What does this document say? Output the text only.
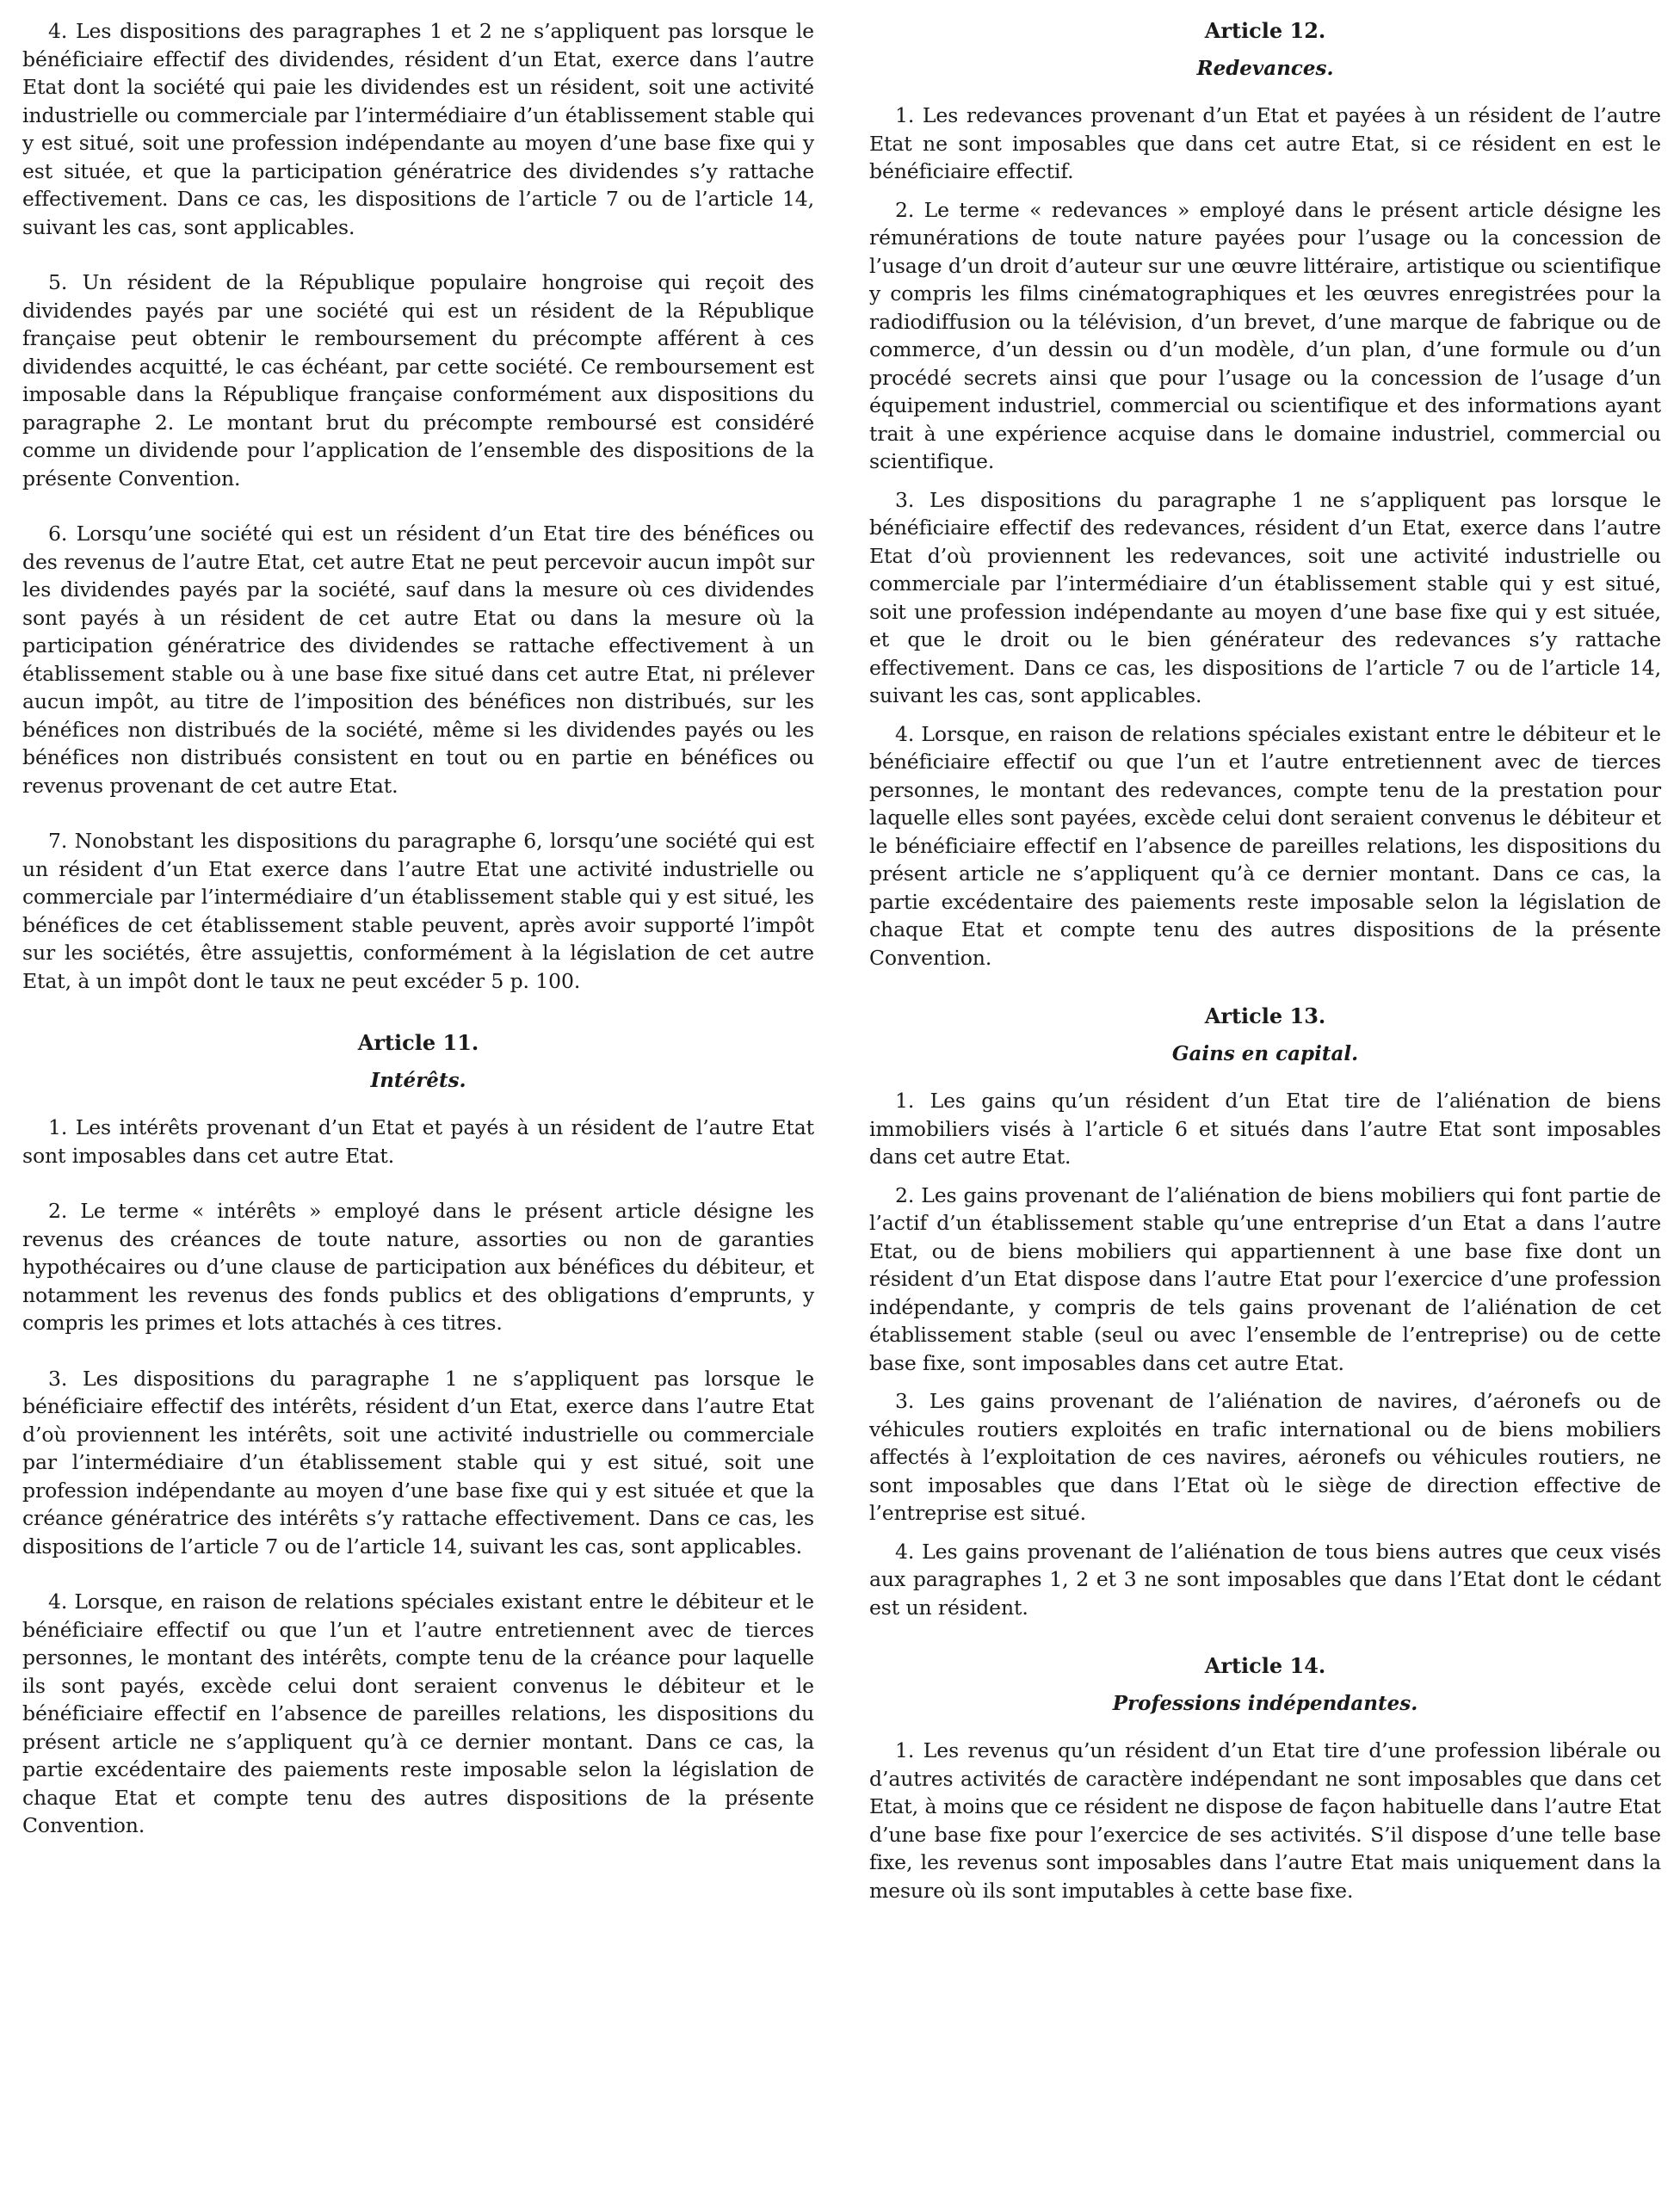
4. Les dispositions des paragraphes 1 et 2 ne s’appliquent pas lorsque le bénéficiaire effectif des dividendes, résident d’un Etat, exerce dans l’autre Etat dont la société qui paie les dividendes est un résident, soit une activité industrielle ou commerciale par l’intermédiaire d’un établissement stable qui y est situé, soit une profession indépendante au moyen d’une base fixe qui y est située, et que la participation génératrice des dividendes s’y rattache effectivement. Dans ce cas, les dispositions de l’article 7 ou de l’article 14, suivant les cas, sont applicables.

5. Un résident de la République populaire hongroise qui reçoit des dividendes payés par une société qui est un résident de la République française peut obtenir le remboursement du précompte afférent à ces dividendes acquitté, le cas échéant, par cette société. Ce remboursement est imposable dans la République française conformément aux dispositions du paragraphe 2. Le montant brut du précompte remboursé est considéré comme un dividende pour l’application de l’ensemble des dispositions de la présente Convention.

6. Lorsqu’une société qui est un résident d’un Etat tire des bénéfices ou des revenus de l’autre Etat, cet autre Etat ne peut percevoir aucun impôt sur les dividendes payés par la société, sauf dans la mesure où ces dividendes sont payés à un résident de cet autre Etat ou dans la mesure où la participation génératrice des dividendes se rattache effectivement à un établissement stable ou à une base fixe situé dans cet autre Etat, ni prélever aucun impôt, au titre de l’imposition des bénéfices non distribués, sur les bénéfices non distribués de la société, même si les dividendes payés ou les bénéfices non distribués consistent en tout ou en partie en bénéfices ou revenus provenant de cet autre Etat.

7. Nonobstant les dispositions du paragraphe 6, lorsqu’une société qui est un résident d’un Etat exerce dans l’autre Etat une activité industrielle ou commerciale par l’intermédiaire d’un établissement stable qui y est situé, les bénéfices de cet établissement stable peuvent, après avoir supporté l’impôt sur les sociétés, être assujettis, conformément à la législation de cet autre Etat, à un impôt dont le taux ne peut excéder 5 p. 100.

Article 11.
Intérêts.

1. Les intérêts provenant d’un Etat et payés à un résident de l’autre Etat sont imposables dans cet autre Etat.

2. Le terme « intérêts » employé dans le présent article désigne les revenus des créances de toute nature, assorties ou non de garanties hypothécaires ou d’une clause de participation aux bénéfices du débiteur, et notamment les revenus des fonds publics et des obligations d’emprunts, y compris les primes et lots attachés à ces titres.

3. Les dispositions du paragraphe 1 ne s’appliquent pas lorsque le bénéficiaire effectif des intérêts, résident d’un Etat, exerce dans l’autre Etat d’où proviennent les intérêts, soit une activité industrielle ou commerciale par l’intermédiaire d’un établissement stable qui y est situé, soit une profession indépendante au moyen d’une base fixe qui y est située et que la créance génératrice des intérêts s’y rattache effectivement. Dans ce cas, les dispositions de l’article 7 ou de l’article 14, suivant les cas, sont applicables.

4. Lorsque, en raison de relations spéciales existant entre le débiteur et le bénéficiaire effectif ou que l’un et l’autre entretiennent avec de tierces personnes, le montant des intérêts, compte tenu de la créance pour laquelle ils sont payés, excède celui dont seraient convenus le débiteur et le bénéficiaire effectif en l’absence de pareilles relations, les dispositions du présent article ne s’appliquent qu’à ce dernier montant. Dans ce cas, la partie excédentaire des paiements reste imposable selon la législation de chaque Etat et compte tenu des autres dispositions de la présente Convention.

Article 12.
Redevances.

1. Les redevances provenant d’un Etat et payées à un résident de l’autre Etat ne sont imposables que dans cet autre Etat, si ce résident en est le bénéficiaire effectif.

2. Le terme « redevances » employé dans le présent article désigne les rémunérations de toute nature payées pour l’usage ou la concession de l’usage d’un droit d’auteur sur une œuvre littéraire, artistique ou scientifique y compris les films cinématographiques et les œuvres enregistrées pour la radiodiffusion ou la télévision, d’un brevet, d’une marque de fabrique ou de commerce, d’un dessin ou d’un modèle, d’un plan, d’une formule ou d’un procédé secrets ainsi que pour l’usage ou la concession de l’usage d’un équipement industriel, commercial ou scientifique et des informations ayant trait à une expérience acquise dans le domaine industriel, commercial ou scientifique.

3. Les dispositions du paragraphe 1 ne s’appliquent pas lorsque le bénéficiaire effectif des redevances, résident d’un Etat, exerce dans l’autre Etat d’où proviennent les redevances, soit une activité industrielle ou commerciale par l’intermédiaire d’un établissement stable qui y est situé, soit une profession indépendante au moyen d’une base fixe qui y est située, et que le droit ou le bien générateur des redevances s’y rattache effectivement. Dans ce cas, les dispositions de l’article 7 ou de l’article 14, suivant les cas, sont applicables.

4. Lorsque, en raison de relations spéciales existant entre le débiteur et le bénéficiaire effectif ou que l’un et l’autre entretiennent avec de tierces personnes, le montant des redevances, compte tenu de la prestation pour laquelle elles sont payées, excède celui dont seraient convenus le débiteur et le bénéficiaire effectif en l’absence de pareilles relations, les dispositions du présent article ne s’appliquent qu’à ce dernier montant. Dans ce cas, la partie excédentaire des paiements reste imposable selon la législation de chaque Etat et compte tenu des autres dispositions de la présente Convention.

Article 13.
Gains en capital.

1. Les gains qu’un résident d’un Etat tire de l’aliénation de biens immobiliers visés à l’article 6 et situés dans l’autre Etat sont imposables dans cet autre Etat.

2. Les gains provenant de l’aliénation de biens mobiliers qui font partie de l’actif d’un établissement stable qu’une entreprise d’un Etat a dans l’autre Etat, ou de biens mobiliers qui appartiennent à une base fixe dont un résident d’un Etat dispose dans l’autre Etat pour l’exercice d’une profession indépendante, y compris de tels gains provenant de l’aliénation de cet établissement stable (seul ou avec l’ensemble de l’entreprise) ou de cette base fixe, sont imposables dans cet autre Etat.

3. Les gains provenant de l’aliénation de navires, d’aéronefs ou de véhicules routiers exploités en trafic international ou de biens mobiliers affectés à l’exploitation de ces navires, aéronefs ou véhicules routiers, ne sont imposables que dans l’Etat où le siège de direction effective de l’entreprise est situé.

4. Les gains provenant de l’aliénation de tous biens autres que ceux visés aux paragraphes 1, 2 et 3 ne sont imposables que dans l’Etat dont le cédant est un résident.

Article 14.
Professions indépendantes.

1. Les revenus qu’un résident d’un Etat tire d’une profession libérale ou d’autres activités de caractère indépendant ne sont imposables que dans cet Etat, à moins que ce résident ne dispose de façon habituelle dans l’autre Etat d’une base fixe pour l’exercice de ses activités. S’il dispose d’une telle base fixe, les revenus sont imposables dans l’autre Etat mais uniquement dans la mesure où ils sont imputables à cette base fixe.
